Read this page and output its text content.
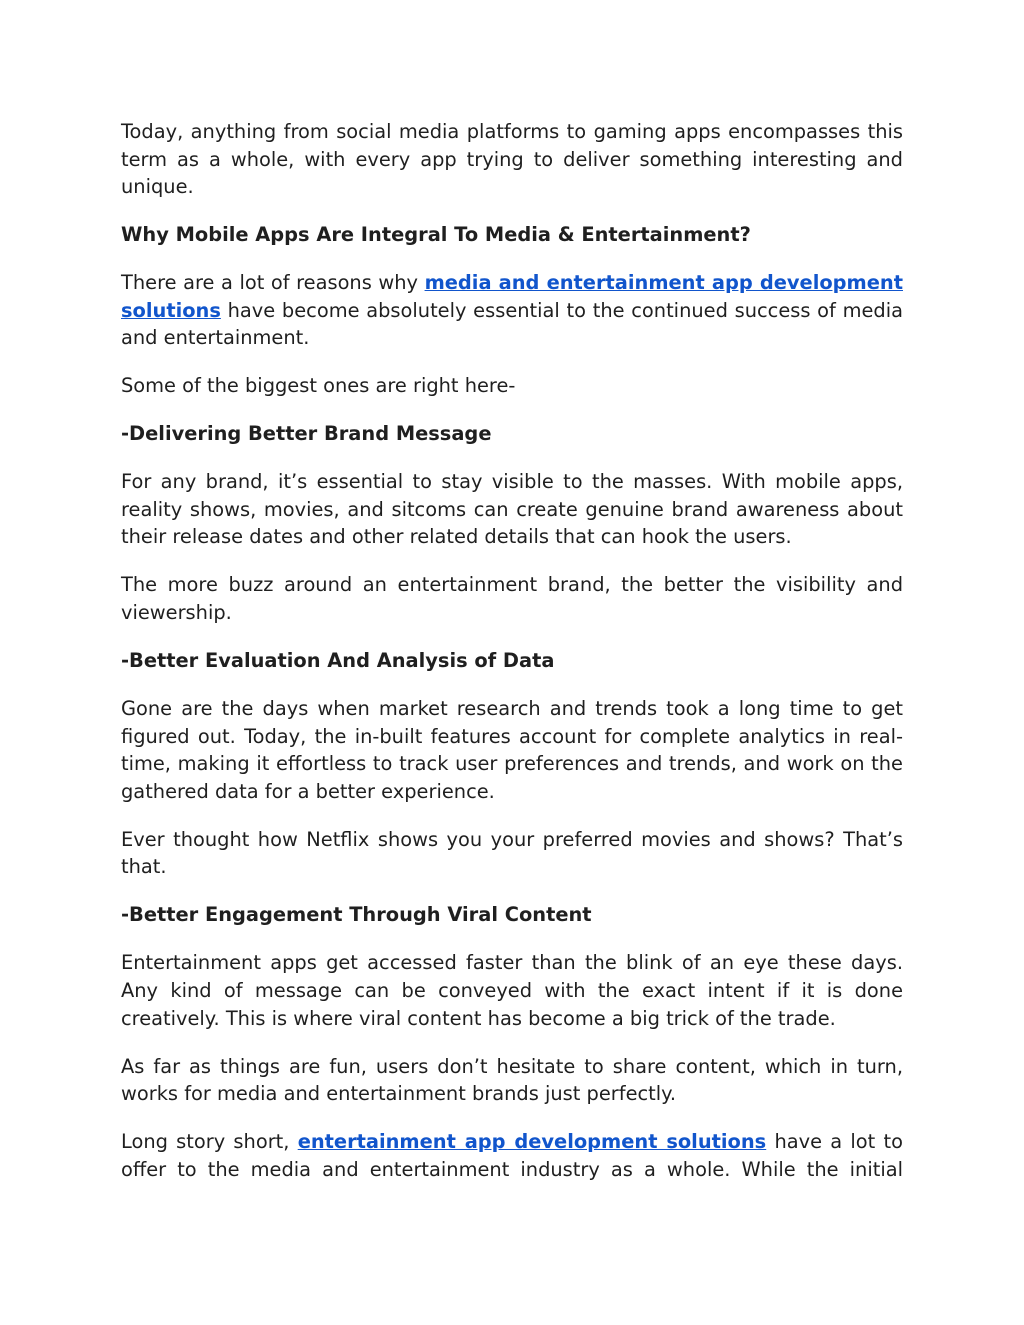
Today, anything from social media platforms to gaming apps encompasses this term as a whole, with every app trying to deliver something interesting and unique.

Why Mobile Apps Are Integral To Media & Entertainment?

There are a lot of reasons why media and entertainment app development solutions have become absolutely essential to the continued success of media and entertainment.

Some of the biggest ones are right here-

-Delivering Better Brand Message

For any brand, it’s essential to stay visible to the masses. With mobile apps, reality shows, movies, and sitcoms can create genuine brand awareness about their release dates and other related details that can hook the users.

The more buzz around an entertainment brand, the better the visibility and viewership.

-Better Evaluation And Analysis of Data

Gone are the days when market research and trends took a long time to get figured out. Today, the in-built features account for complete analytics in real-time, making it effortless to track user preferences and trends, and work on the gathered data for a better experience.

Ever thought how Netflix shows you your preferred movies and shows? That’s that.

-Better Engagement Through Viral Content

Entertainment apps get accessed faster than the blink of an eye these days. Any kind of message can be conveyed with the exact intent if it is done creatively. This is where viral content has become a big trick of the trade.

As far as things are fun, users don’t hesitate to share content, which in turn, works for media and entertainment brands just perfectly.

Long story short, entertainment app development solutions have a lot to offer to the media and entertainment industry as a whole. While the initial
